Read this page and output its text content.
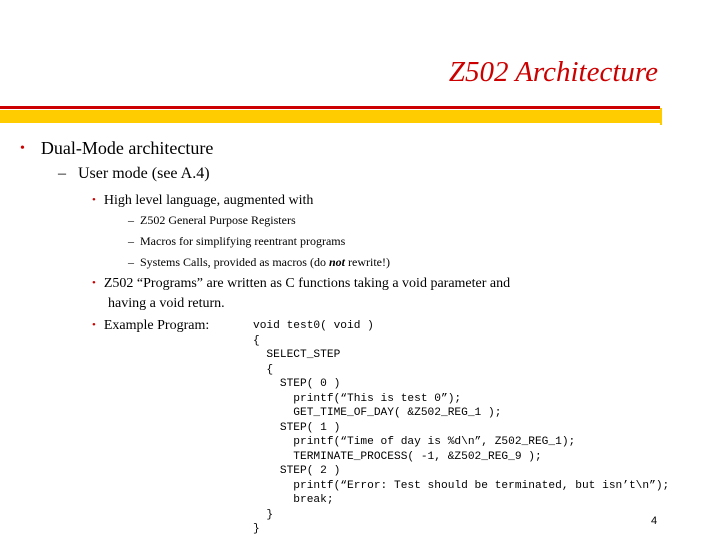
Z502 Architecture
• Dual-Mode architecture
– User mode (see A.4)
• High level language, augmented with
– Z502 General Purpose Registers
– Macros for simplifying reentrant programs
– Systems Calls, provided as macros (do not rewrite!)
• Z502 “Programs” are written as C functions taking a void parameter and
having a void return.
• Example Program:	void test0( void )
{
SELECT_STEP
{
STEP( 0 )
printf(“This is test 0”);
GET_TIME_OF_DAY( &Z502_REG_1 );
STEP( 1 )
printf(“Time of day is %d\n”, Z502_REG_1);
TERMINATE_PROCESS( -1, &Z502_REG_9 );
STEP( 2 )
printf(“Error: Test should be terminated, but isn’t\n”);
break;
}
}
4
